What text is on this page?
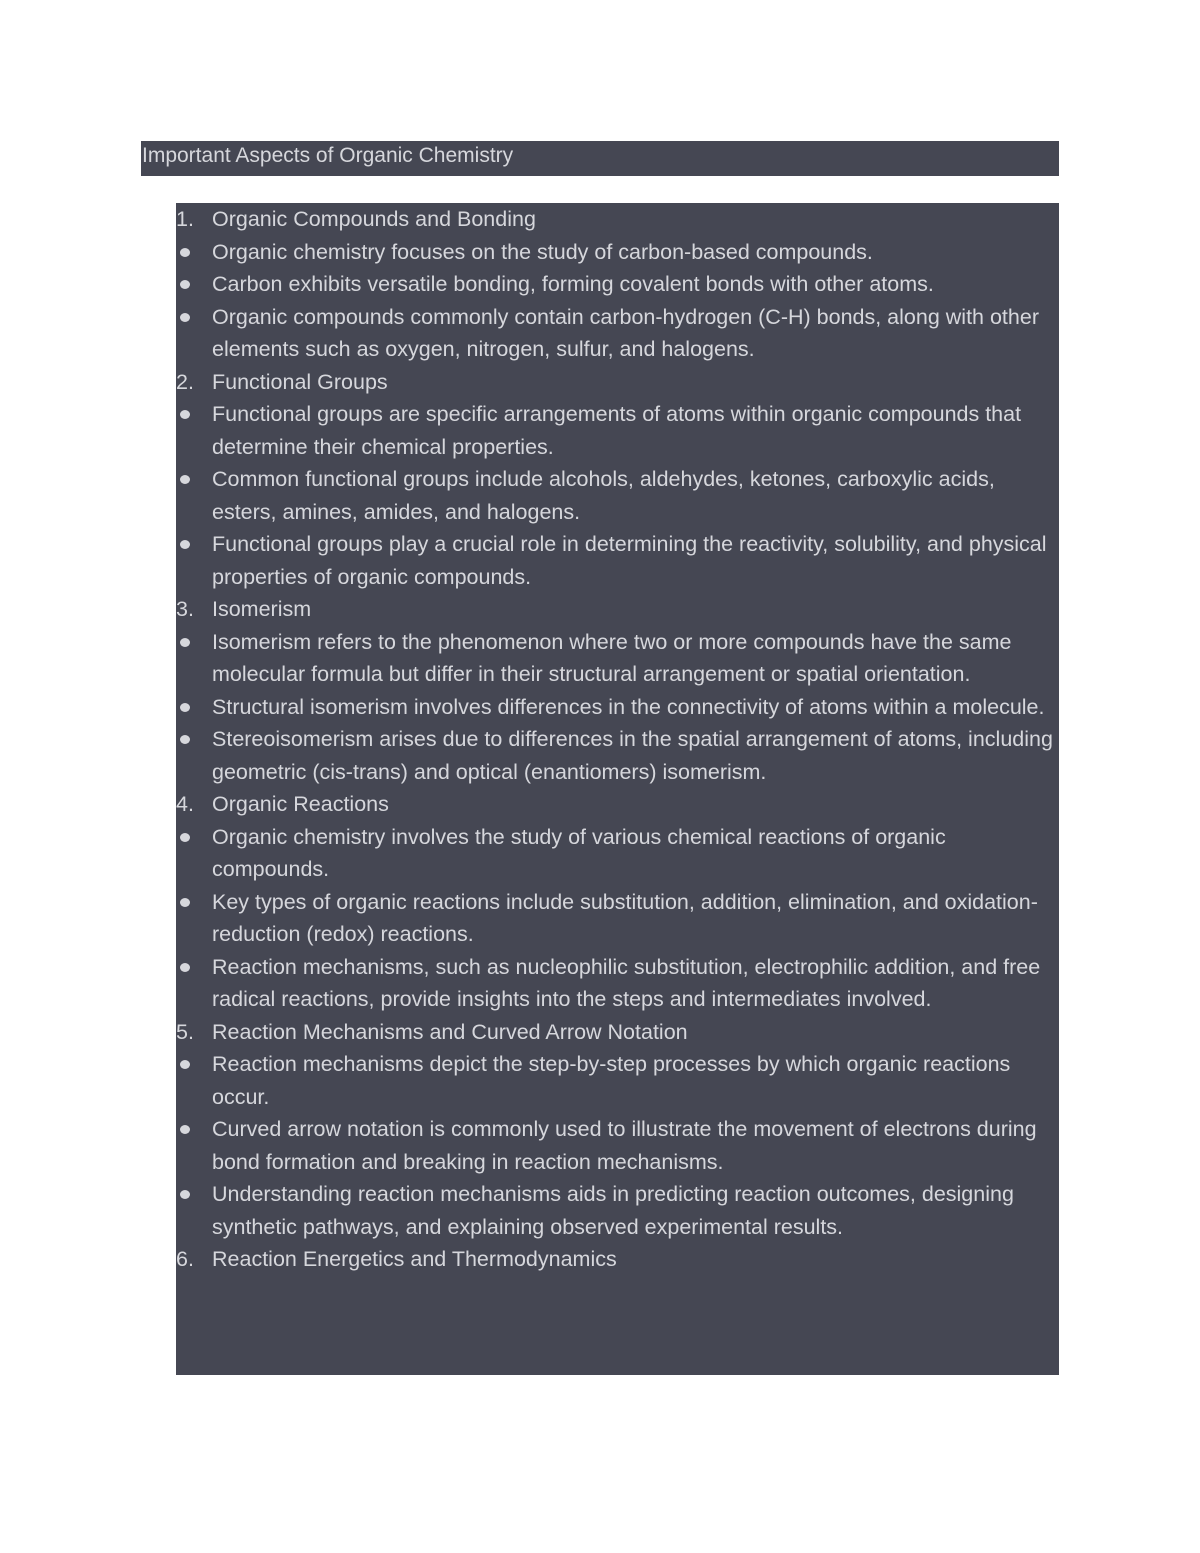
Important Aspects of Organic Chemistry
1. Organic Compounds and Bonding
Organic chemistry focuses on the study of carbon-based compounds.
Carbon exhibits versatile bonding, forming covalent bonds with other atoms.
Organic compounds commonly contain carbon-hydrogen (C-H) bonds, along with other elements such as oxygen, nitrogen, sulfur, and halogens.
2. Functional Groups
Functional groups are specific arrangements of atoms within organic compounds that determine their chemical properties.
Common functional groups include alcohols, aldehydes, ketones, carboxylic acids, esters, amines, amides, and halogens.
Functional groups play a crucial role in determining the reactivity, solubility, and physical properties of organic compounds.
3. Isomerism
Isomerism refers to the phenomenon where two or more compounds have the same molecular formula but differ in their structural arrangement or spatial orientation.
Structural isomerism involves differences in the connectivity of atoms within a molecule.
Stereoisomerism arises due to differences in the spatial arrangement of atoms, including geometric (cis-trans) and optical (enantiomers) isomerism.
4. Organic Reactions
Organic chemistry involves the study of various chemical reactions of organic compounds.
Key types of organic reactions include substitution, addition, elimination, and oxidation-reduction (redox) reactions.
Reaction mechanisms, such as nucleophilic substitution, electrophilic addition, and free radical reactions, provide insights into the steps and intermediates involved.
5. Reaction Mechanisms and Curved Arrow Notation
Reaction mechanisms depict the step-by-step processes by which organic reactions occur.
Curved arrow notation is commonly used to illustrate the movement of electrons during bond formation and breaking in reaction mechanisms.
Understanding reaction mechanisms aids in predicting reaction outcomes, designing synthetic pathways, and explaining observed experimental results.
6. Reaction Energetics and Thermodynamics
